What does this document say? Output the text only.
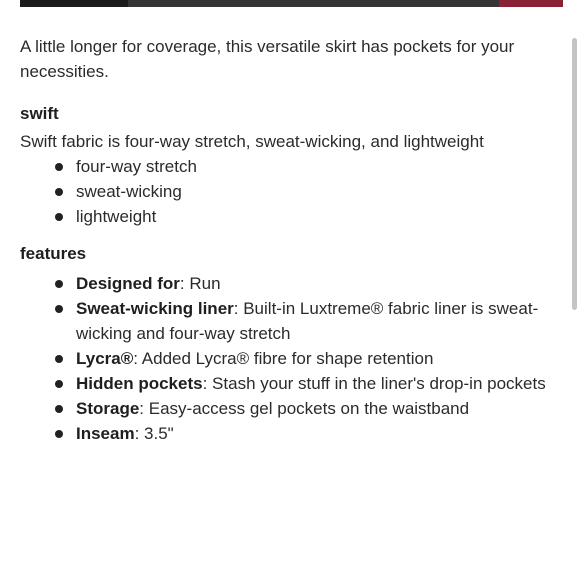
A little longer for coverage, this versatile skirt has pockets for your necessities.

swift

Swift fabric is four-way stretch, sweat-wicking, and lightweight

four-way stretch
sweat-wicking
lightweight
features
Designed for: Run
Sweat-wicking liner: Built-in Luxtreme® fabric liner is sweat-wicking and four-way stretch
Lycra®: Added Lycra® fibre for shape retention
Hidden pockets: Stash your stuff in the liner's drop-in pockets
Storage: Easy-access gel pockets on the waistband
Inseam: 3.5"
